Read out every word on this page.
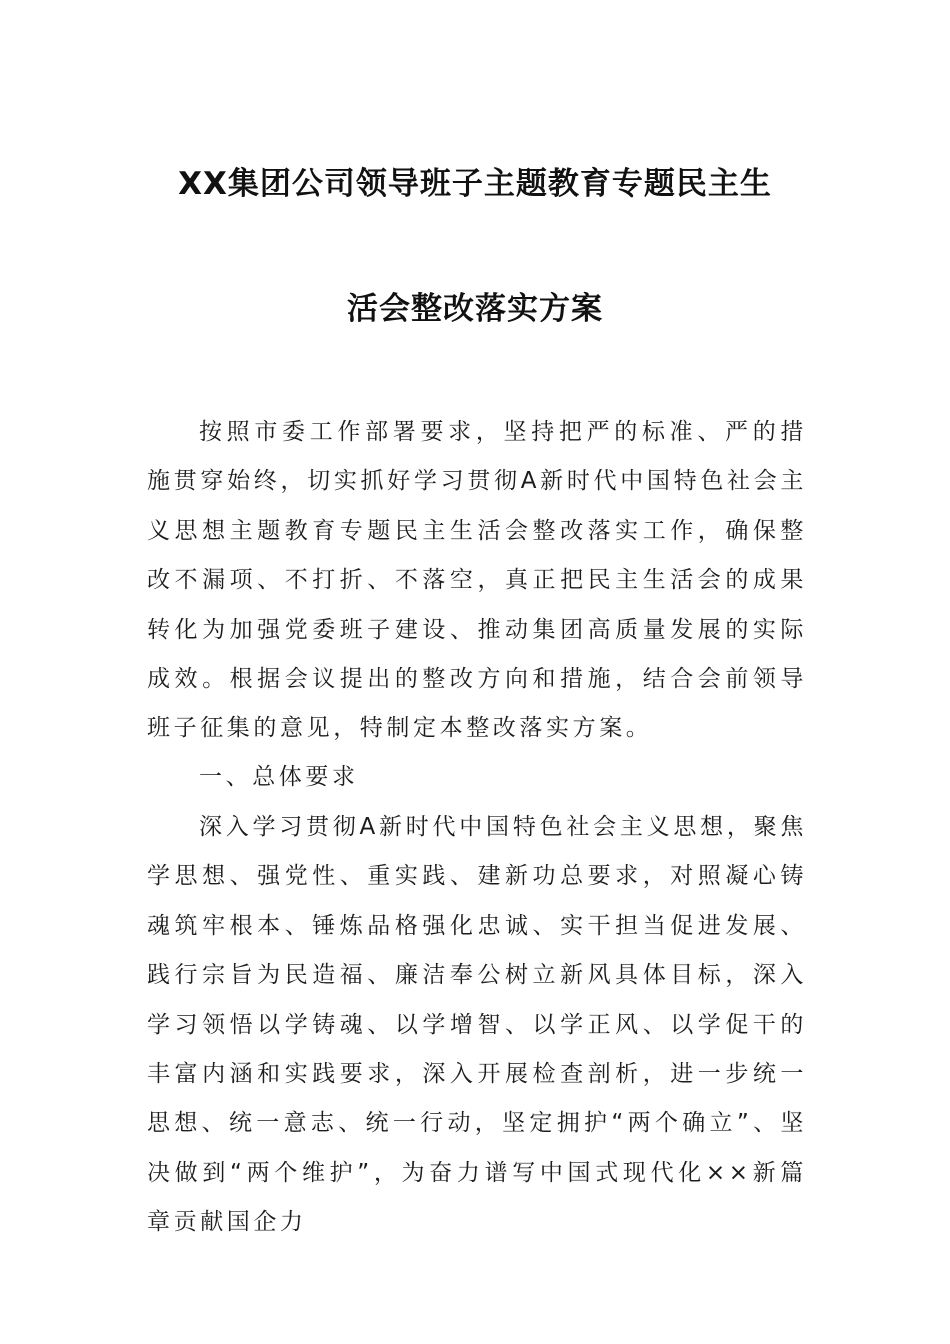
XX集团公司领导班子主题教育专题民主生
活会整改落实方案
按照市委工作部署要求，坚持把严的标准、严的措施贯穿始终，切实抓好学习贯彻A新时代中国特色社会主义思想主题教育专题民主生活会整改落实工作，确保整改不漏项、不打折、不落空，真正把民主生活会的成果转化为加强党委班子建设、推动集团高质量发展的实际成效。根据会议提出的整改方向和措施，结合会前领导班子征集的意见，特制定本整改落实方案。
一、总体要求
深入学习贯彻A新时代中国特色社会主义思想，聚焦学思想、强党性、重实践、建新功总要求，对照凝心铸魂筑牢根本、锤炼品格强化忠诚、实干担当促进发展、践行宗旨为民造福、廉洁奉公树立新风具体目标，深入学习领悟以学铸魂、以学增智、以学正风、以学促干的丰富内涵和实践要求，深入开展检查剖析，进一步统一思想、统一意志、统一行动，坚定拥护“两个确立”、坚决做到“两个维护”，为奋力谱写中国式现代化××新篇章贡献国企力
